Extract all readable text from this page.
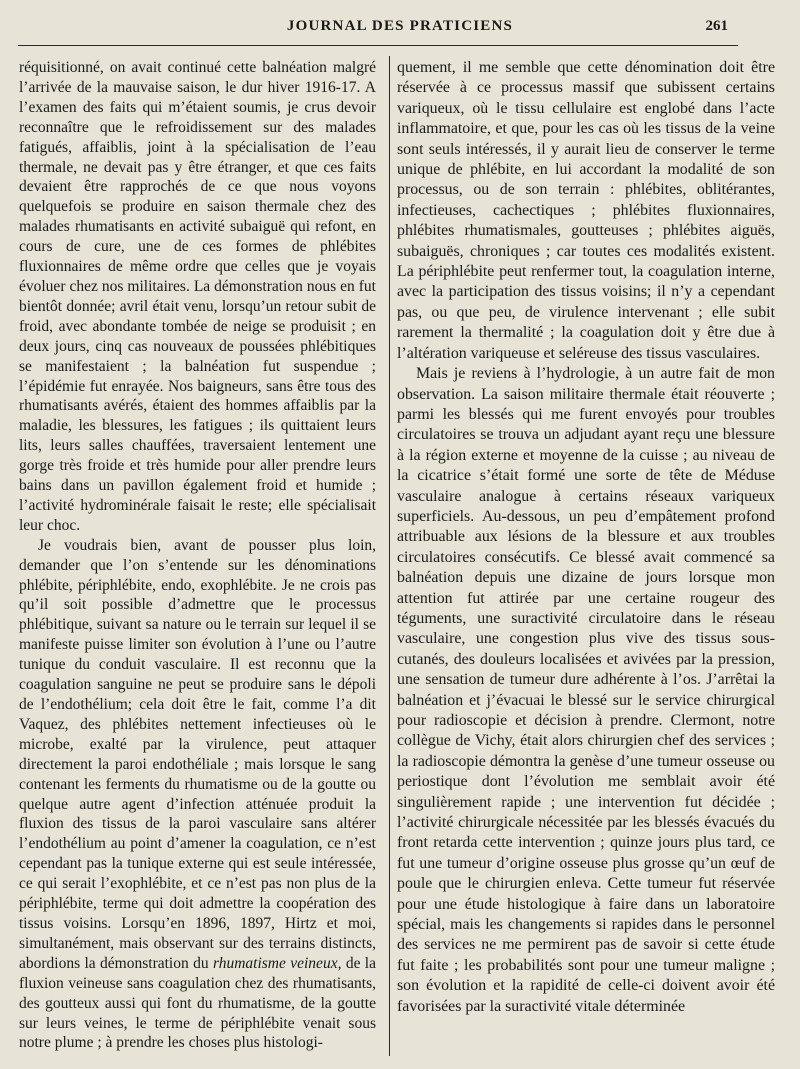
JOURNAL DES PRATICIENS	261

réquisitionné, on avait continué cette balnéation malgré l’arrivée de la mauvaise saison, le dur hiver 1916-17. A l’examen des faits qui m’étaient soumis, je crus devoir reconnaître que le refroidissement sur des malades fatigués, affaiblis, joint à la spécialisation de l’eau thermale, ne devait pas y être étranger, et que ces faits devaient être rapprochés de ce que nous voyons quelquefois se produire en saison thermale chez des malades rhumatisants en activité subaiguë qui refont, en cours de cure, une de ces formes de phlébites fluxionnaires de même ordre que celles que je voyais évoluer chez nos militaires. La démonstration nous en fut bientôt donnée; avril était venu, lorsqu’un retour subit de froid, avec abondante tombée de neige se produisit ; en deux jours, cinq cas nouveaux de poussées phlébitiques se manifestaient ; la balnéation fut suspendue ; l’épidémie fut enrayée. Nos baigneurs, sans être tous des rhumatisants avérés, étaient des hommes affaiblis par la maladie, les blessures, les fatigues ; ils quittaient leurs lits, leurs salles chauffées, traversaient lentement une gorge très froide et très humide pour aller prendre leurs bains dans un pavillon également froid et humide ; l’activité hydrominérale faisait le reste; elle spécialisait leur choc.

Je voudrais bien, avant de pousser plus loin, demander que l’on s’entende sur les dénominations phlébite, périphlébite, endo, exophlébite. Je ne crois pas qu’il soit possible d’admettre que le processus phlébitique, suivant sa nature ou le terrain sur lequel il se manifeste puisse limiter son évolution à l’une ou l’autre tunique du conduit vasculaire. Il est reconnu que la coagulation sanguine ne peut se produire sans le dépoli de l’endothélium; cela doit être le fait, comme l’a dit Vaquez, des phlébites nettement infectieuses où le microbe, exalté par la virulence, peut attaquer directement la paroi endothéliale ; mais lorsque le sang contenant les ferments du rhumatisme ou de la goutte ou quelque autre agent d’infection atténuée produit la fluxion des tissus de la paroi vasculaire sans altérer l’endothélium au point d’amener la coagulation, ce n’est cependant pas la tunique externe qui est seule intéressée, ce qui serait l’exophlébite, et ce n’est pas non plus de la périphlébite, terme qui doit admettre la coopération des tissus voisins. Lorsqu’en 1896, 1897, Hirtz et moi, simultanément, mais observant sur des terrains distincts, abordions la démonstration du rhumatisme veineux, de la fluxion veineuse sans coagulation chez des rhumatisants, des goutteux aussi qui font du rhumatisme, de la goutte sur leurs veines, le terme de périphlébite venait sous notre plume ; à prendre les choses plus histologi-

quement, il me semble que cette dénomination doit être réservée à ce processus massif que subissent certains variqueux, où le tissu cellulaire est englobé dans l’acte inflammatoire, et que, pour les cas où les tissus de la veine sont seuls intéressés, il y aurait lieu de conserver le terme unique de phlébite, en lui accordant la modalité de son processus, ou de son terrain : phlébites, oblitérantes, infectieuses, cachectiques ; phlébites fluxionnaires, phlébites rhumatismales, goutteuses ; phlébites aiguës, subaiguës, chroniques ; car toutes ces modalités existent. La périphlébite peut renfermer tout, la coagulation interne, avec la participation des tissus voisins; il n’y a cependant pas, ou que peu, de virulence intervenant ; elle subit rarement la thermalité ; la coagulation doit y être due à l’altération variqueuse et seléreuse des tissus vasculaires.

Mais je reviens à l’hydrologie, à un autre fait de mon observation. La saison militaire thermale était réouverte ; parmi les blessés qui me furent envoyés pour troubles circulatoires se trouva un adjudant ayant reçu une blessure à la région externe et moyenne de la cuisse ; au niveau de la cicatrice s’était formé une sorte de tête de Méduse vasculaire analogue à certains réseaux variqueux superficiels. Au-dessous, un peu d’empâtement profond attribuable aux lésions de la blessure et aux troubles circulatoires consécutifs. Ce blessé avait commencé sa balnéation depuis une dizaine de jours lorsque mon attention fut attirée par une certaine rougeur des téguments, une suractivité circulatoire dans le réseau vasculaire, une congestion plus vive des tissus sous-cutanés, des douleurs localisées et avivées par la pression, une sensation de tumeur dure adhérente à l’os. J’arrêtai la balnéation et j’évacuai le blessé sur le service chirurgical pour radioscopie et décision à prendre. Clermont, notre collègue de Vichy, était alors chirurgien chef des services ; la radioscopie démontra la genèse d’une tumeur osseuse ou periostique dont l’évolution me semblait avoir été singulièrement rapide ; une intervention fut décidée ; l’activité chirurgicale nécessitée par les blessés évacués du front retarda cette intervention ; quinze jours plus tard, ce fut une tumeur d’origine osseuse plus grosse qu’un œuf de poule que le chirurgien enleva. Cette tumeur fut réservée pour une étude histologique à faire dans un laboratoire spécial, mais les changements si rapides dans le personnel des services ne me permirent pas de savoir si cette étude fut faite ; les probabilités sont pour une tumeur maligne ; son évolution et la rapidité de celle-ci doivent avoir été favorisées par la suractivité vitale déterminée
